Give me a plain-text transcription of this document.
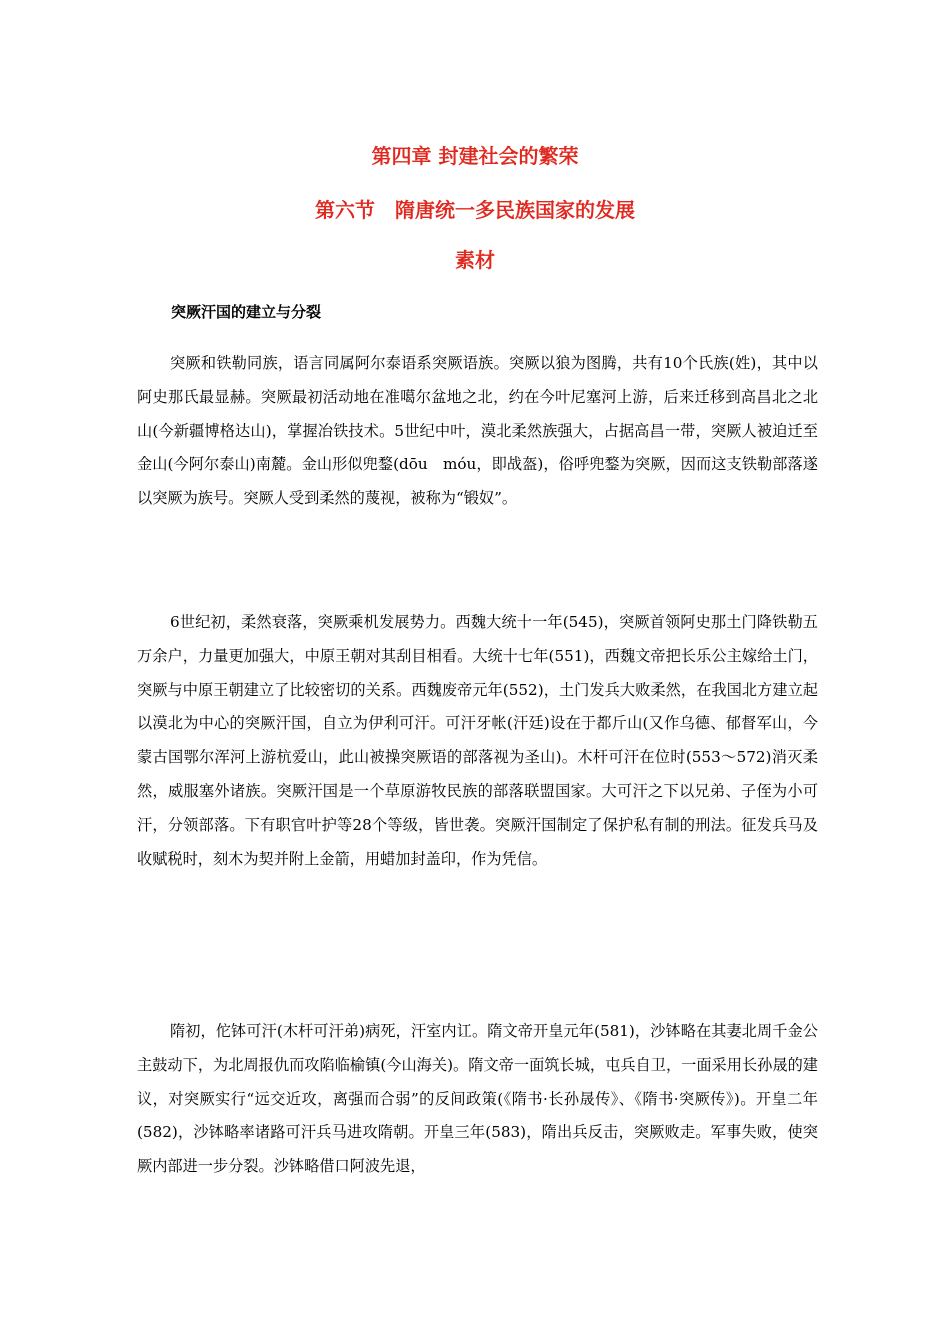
第四章 封建社会的繁荣
第六节　隋唐统一多民族国家的发展
素材
突厥汗国的建立与分裂

突厥和铁勒同族，语言同属阿尔泰语系突厥语族。突厥以狼为图腾，共有10个氏族(姓)，其中以阿史那氏最显赫。突厥最初活动地在准噶尔盆地之北，约在今叶尼塞河上游，后来迁移到高昌北之北山(今新疆博格达山)，掌握冶铁技术。5世纪中叶，漠北柔然族强大，占据高昌一带，突厥人被迫迁至金山(今阿尔泰山)南麓。金山形似兜鍪(dōu　móu，即战盔)，俗呼兜鍪为突厥，因而这支铁勒部落遂以突厥为族号。突厥人受到柔然的蔑视，被称为“锻奴”。

6世纪初，柔然衰落，突厥乘机发展势力。西魏大统十一年(545)，突厥首领阿史那土门降铁勒五万余户，力量更加强大，中原王朝对其刮目相看。大统十七年(551)，西魏文帝把长乐公主嫁给土门，突厥与中原王朝建立了比较密切的关系。西魏废帝元年(552)，土门发兵大败柔然，在我国北方建立起以漠北为中心的突厥汗国，自立为伊利可汗。可汗牙帐(汗廷)设在于都斤山(又作乌德、郁督军山，今蒙古国鄂尔浑河上游杭爱山，此山被操突厥语的部落视为圣山)。木杆可汗在位时(553～572)消灭柔然，威服塞外诸族。突厥汗国是一个草原游牧民族的部落联盟国家。大可汗之下以兄弟、子侄为小可汗，分领部落。下有职官叶护等28个等级，皆世袭。突厥汗国制定了保护私有制的刑法。征发兵马及收赋税时，刻木为契并附上金箭，用蜡加封盖印，作为凭信。

隋初，佗钵可汗(木杆可汗弟)病死，汗室内讧。隋文帝开皇元年(581)，沙钵略在其妻北周千金公主鼓动下，为北周报仇而攻陷临榆镇(今山海关)。隋文帝一面筑长城，屯兵自卫，一面采用长孙晟的建议，对突厥实行“远交近攻，离强而合弱”的反间政策(《隋书·长孙晟传》、《隋书·突厥传》)。开皇二年(582)，沙钵略率诸路可汗兵马进攻隋朝。开皇三年(583)，隋出兵反击，突厥败走。军事失败，使突厥内部进一步分裂。沙钵略借口阿波先退，
